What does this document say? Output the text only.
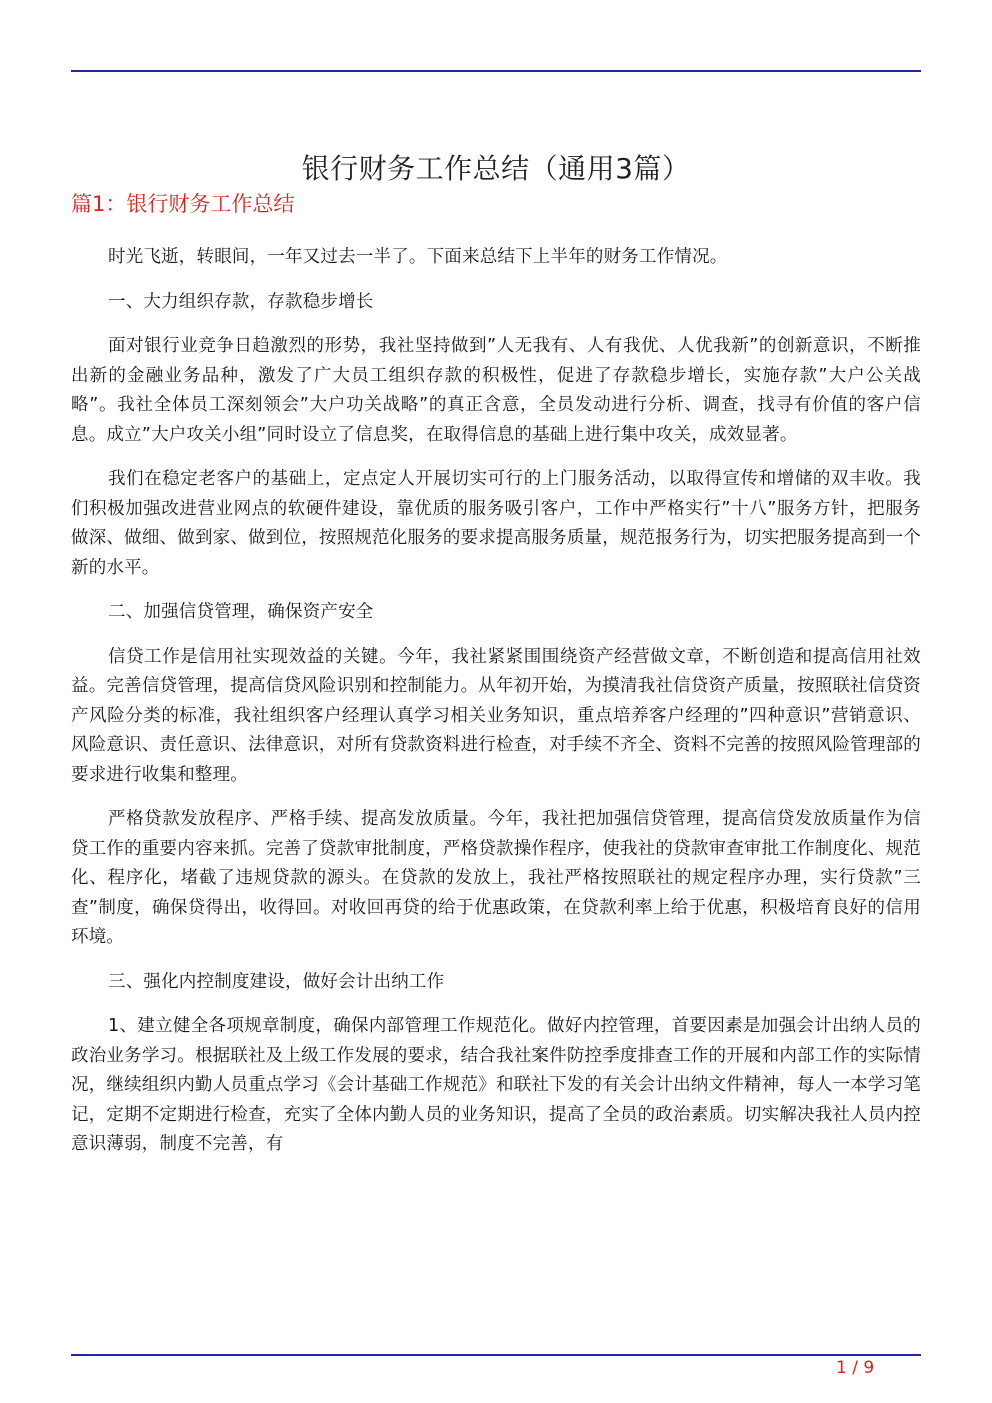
银行财务工作总结（通用3篇）
篇1：银行财务工作总结

时光飞逝，转眼间，一年又过去一半了。下面来总结下上半年的财务工作情况。

一、大力组织存款，存款稳步增长

面对银行业竞争日趋激烈的形势，我社坚持做到”人无我有、人有我优、人优我新”的创新意识，不断推出新的金融业务品种，激发了广大员工组织存款的积极性，促进了存款稳步增长，实施存款”大户公关战略”。我社全体员工深刻领会”大户功关战略”的真正含意，全员发动进行分析、调查，找寻有价值的客户信息。成立”大户攻关小组”同时设立了信息奖，在取得信息的基础上进行集中攻关，成效显著。

我们在稳定老客户的基础上，定点定人开展切实可行的上门服务活动，以取得宣传和增储的双丰收。我们积极加强改进营业网点的软硬件建设，靠优质的服务吸引客户，工作中严格实行”十八”服务方针，把服务做深、做细、做到家、做到位，按照规范化服务的要求提高服务质量，规范报务行为，切实把服务提高到一个新的水平。

二、加强信贷管理，确保资产安全

信贷工作是信用社实现效益的关键。今年，我社紧紧围围绕资产经营做文章，不断创造和提高信用社效益。完善信贷管理，提高信贷风险识别和控制能力。从年初开始，为摸清我社信贷资产质量，按照联社信贷资产风险分类的标准，我社组织客户经理认真学习相关业务知识，重点培养客户经理的”四种意识”营销意识、风险意识、责任意识、法律意识，对所有贷款资料进行检查，对手续不齐全、资料不完善的按照风险管理部的要求进行收集和整理。

严格贷款发放程序、严格手续、提高发放质量。今年，我社把加强信贷管理，提高信贷发放质量作为信贷工作的重要内容来抓。完善了贷款审批制度，严格贷款操作程序，使我社的贷款审查审批工作制度化、规范化、程序化，堵截了违规贷款的源头。在贷款的发放上，我社严格按照联社的规定程序办理，实行贷款”三查”制度，确保贷得出，收得回。对收回再贷的给于优惠政策，在贷款利率上给于优惠，积极培育良好的信用环境。

三、强化内控制度建设，做好会计出纳工作

1、建立健全各项规章制度，确保内部管理工作规范化。做好内控管理，首要因素是加强会计出纳人员的政治业务学习。根据联社及上级工作发展的要求，结合我社案件防控季度排查工作的开展和内部工作的实际情况，继续组织内勤人员重点学习《会计基础工作规范》和联社下发的有关会计出纳文件精神，每人一本学习笔记，定期不定期进行检查，充实了全体内勤人员的业务知识，提高了全员的政治素质。切实解决我社人员内控意识薄弱，制度不完善，有

1 / 9
